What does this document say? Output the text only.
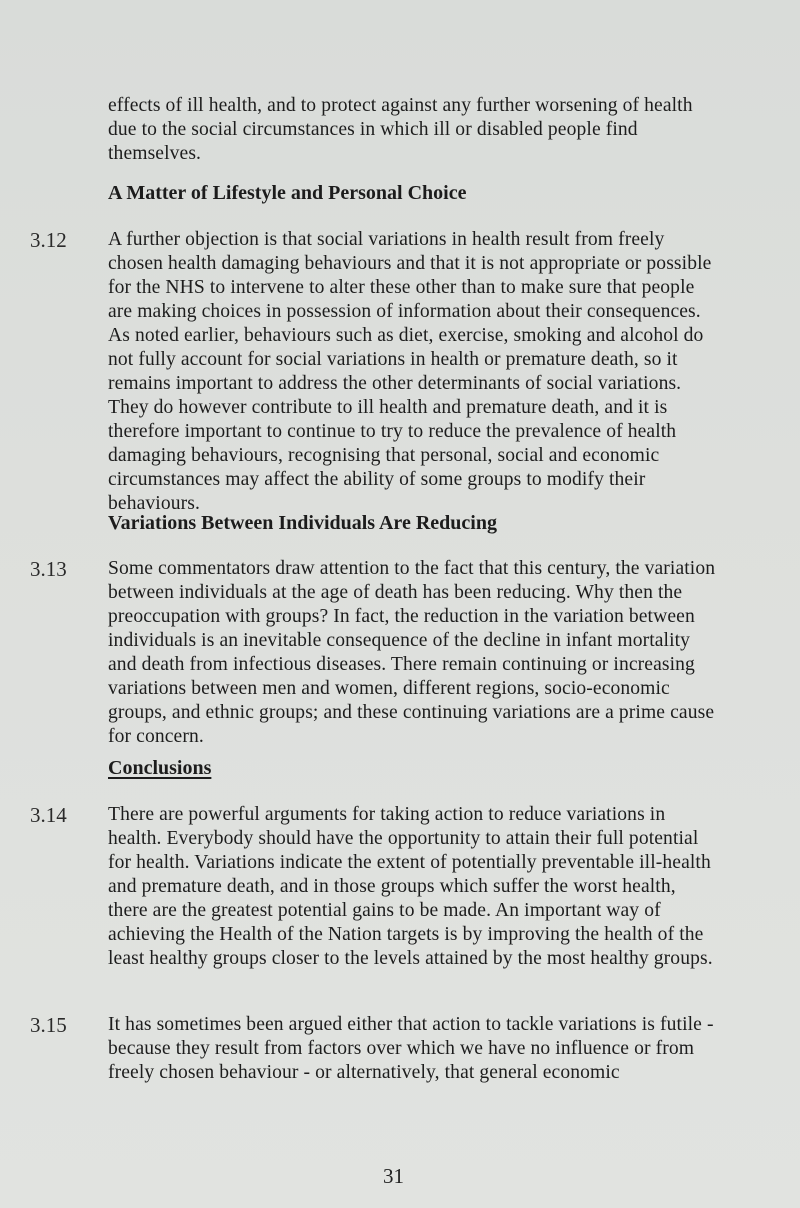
effects of ill health, and to protect against any further worsening of health due to the social circumstances in which ill or disabled people find themselves.
A Matter of Lifestyle and Personal Choice
3.12 A further objection is that social variations in health result from freely chosen health damaging behaviours and that it is not appropriate or possible for the NHS to intervene to alter these other than to make sure that people are making choices in possession of information about their consequences. As noted earlier, behaviours such as diet, exercise, smoking and alcohol do not fully account for social variations in health or premature death, so it remains important to address the other determinants of social variations. They do however contribute to ill health and premature death, and it is therefore important to continue to try to reduce the prevalence of health damaging behaviours, recognising that personal, social and economic circumstances may affect the ability of some groups to modify their behaviours.
Variations Between Individuals Are Reducing
3.13 Some commentators draw attention to the fact that this century, the variation between individuals at the age of death has been reducing. Why then the preoccupation with groups? In fact, the reduction in the variation between individuals is an inevitable consequence of the decline in infant mortality and death from infectious diseases. There remain continuing or increasing variations between men and women, different regions, socio-economic groups, and ethnic groups; and these continuing variations are a prime cause for concern.
Conclusions
3.14 There are powerful arguments for taking action to reduce variations in health. Everybody should have the opportunity to attain their full potential for health. Variations indicate the extent of potentially preventable ill-health and premature death, and in those groups which suffer the worst health, there are the greatest potential gains to be made. An important way of achieving the Health of the Nation targets is by improving the health of the least healthy groups closer to the levels attained by the most healthy groups.
3.15 It has sometimes been argued either that action to tackle variations is futile - because they result from factors over which we have no influence or from freely chosen behaviour - or alternatively, that general economic
31
